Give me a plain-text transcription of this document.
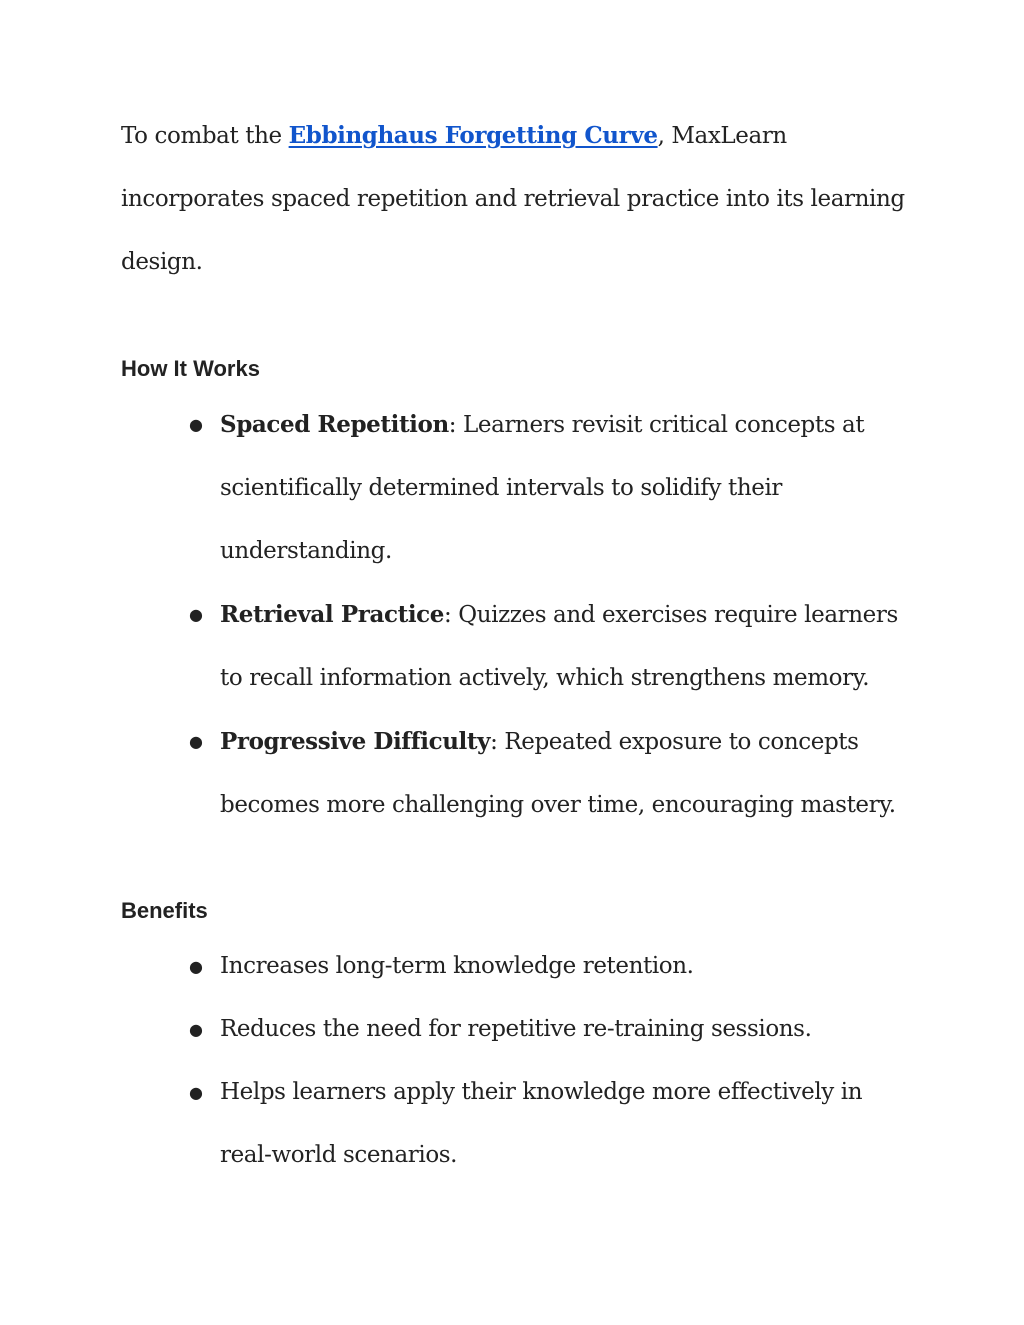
To combat the Ebbinghaus Forgetting Curve, MaxLearn incorporates spaced repetition and retrieval practice into its learning design.

How It Works
● Spaced Repetition: Learners revisit critical concepts at scientifically determined intervals to solidify their understanding.
● Retrieval Practice: Quizzes and exercises require learners to recall information actively, which strengthens memory.
● Progressive Difficulty: Repeated exposure to concepts becomes more challenging over time, encouraging mastery.
Benefits
● Increases long-term knowledge retention.
● Reduces the need for repetitive re-training sessions.
● Helps learners apply their knowledge more effectively in real-world scenarios.
